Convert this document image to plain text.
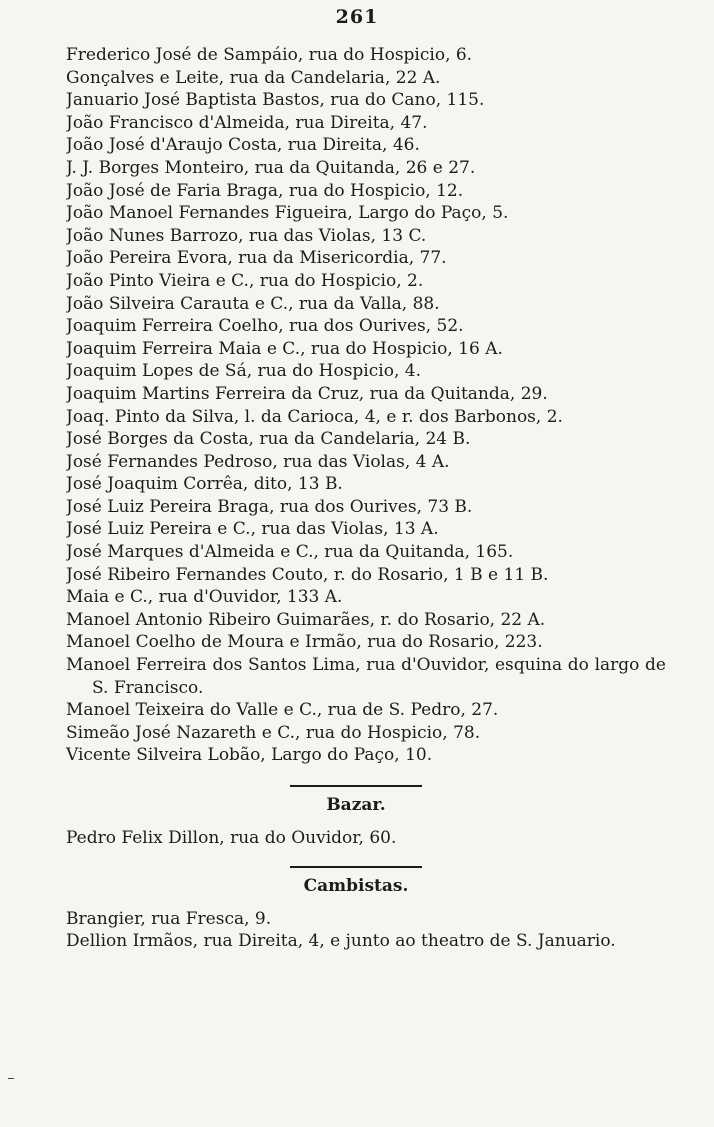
261
Frederico José de Sampáio, rua do Hospicio, 6.
Gonçalves e Leite, rua da Candelaria, 22 A.
Januario José Baptista Bastos, rua do Cano, 115.
João Francisco d'Almeida, rua Direita, 47.
João José d'Araujo Costa, rua Direita, 46.
J. J. Borges Monteiro, rua da Quitanda, 26 e 27.
João José de Faria Braga, rua do Hospicio, 12.
João Manoel Fernandes Figueira, Largo do Paço, 5.
João Nunes Barrozo, rua das Violas, 13 C.
João Pereira Evora, rua da Misericordia, 77.
João Pinto Vieira e C., rua do Hospicio, 2.
João Silveira Carauta e C., rua da Valla, 88.
Joaquim Ferreira Coelho, rua dos Ourives, 52.
Joaquim Ferreira Maia e C., rua do Hospicio, 16 A.
Joaquim Lopes de Sá, rua do Hospicio, 4.
Joaquim Martins Ferreira da Cruz, rua da Quitanda, 29.
Joaq. Pinto da Silva, l. da Carioca, 4, e r. dos Barbonos, 2.
José Borges da Costa, rua da Candelaria, 24 B.
José Fernandes Pedroso, rua das Violas, 4 A.
José Joaquim Corrêa, dito, 13 B.
José Luiz Pereira Braga, rua dos Ourives, 73 B.
José Luiz Pereira e C., rua das Violas, 13 A.
José Marques d'Almeida e C., rua da Quitanda, 165.
José Ribeiro Fernandes Couto, r. do Rosario, 1 B e 11 B.
Maia e C., rua d'Ouvidor, 133 A.
Manoel Antonio Ribeiro Guimarães, r. do Rosario, 22 A.
Manoel Coelho de Moura e Irmão, rua do Rosario, 223.
Manoel Ferreira dos Santos Lima, rua d'Ouvidor, esquina do largo de S. Francisco.
Manoel Teixeira do Valle e C., rua de S. Pedro, 27.
Simeão José Nazareth e C., rua do Hospicio, 78.
Vicente Silveira Lobão, Largo do Paço, 10.
Bazar.
Pedro Felix Dillon, rua do Ouvidor, 60.
Cambistas.
Brangier, rua Fresca, 9.
Dellion Irmãos, rua Direita, 4, e junto ao theatro de S. Januario.
